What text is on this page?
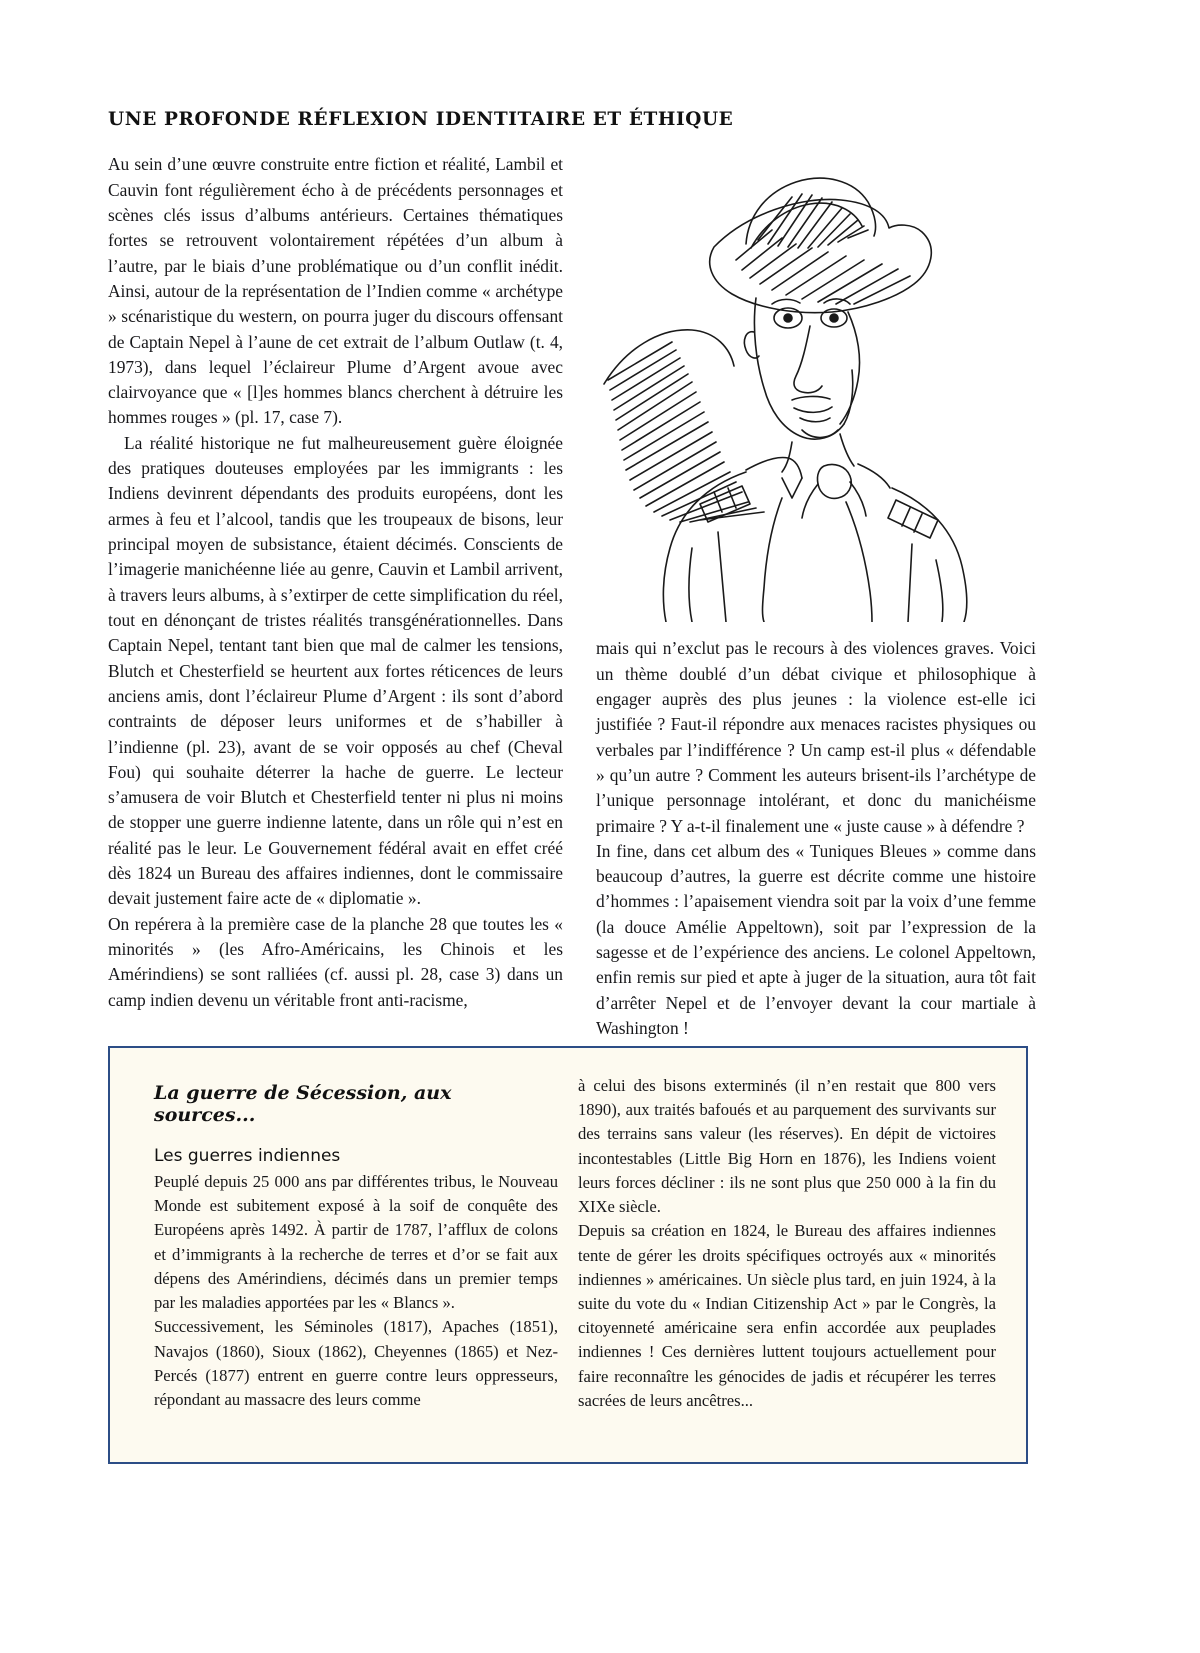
UNE PROFONDE RÉFLEXION IDENTITAIRE ET ÉTHIQUE

mais qui n’exclut pas le recours à des violences graves. Voici un thème doublé d’un débat civique et philosophique à engager auprès des plus jeunes : la violence est-elle ici justifiée ? Faut-il répondre aux menaces racistes physiques ou verbales par l’indifférence ? Un camp est-il plus « défendable » qu’un autre ? Comment les auteurs brisent-ils l’archétype de l’unique personnage intolérant, et donc du manichéisme primaire ? Y a-t-il finalement une « juste cause » à défendre ?

In fine, dans cet album des « Tuniques Bleues » comme dans beaucoup d’autres, la guerre est décrite comme une histoire d’hommes : l’apaisement viendra soit par la voix d’une femme (la douce Amélie Appeltown), soit par l’expression de la sagesse et de l’expérience des anciens. Le colonel Appeltown, enfin remis sur pied et apte à juger de la situation, aura tôt fait d’arrêter Nepel et de l’envoyer devant la cour martiale à Washington !

Au sein d’une œuvre construite entre fiction et réalité, Lambil et Cauvin font régulièrement écho à de précédents personnages et scènes clés issus d’albums antérieurs. Certaines thématiques fortes se retrouvent volontairement répétées d’un album à l’autre, par le biais d’une problématique ou d’un conflit inédit. Ainsi, autour de la représentation de l’Indien comme « archétype » scénaristique du western, on pourra juger du discours offensant de Captain Nepel à l’aune de cet extrait de l’album Outlaw (t. 4, 1973), dans lequel l’éclaireur Plume d’Argent avoue avec clairvoyance que « [l]es hommes blancs cherchent à détruire les hommes rouges » (pl. 17, case 7).

La réalité historique ne fut malheureusement guère éloignée des pratiques douteuses employées par les immigrants : les Indiens devinrent dépendants des produits européens, dont les armes à feu et l’alcool, tandis que les troupeaux de bisons, leur principal moyen de subsistance, étaient décimés. Conscients de l’imagerie manichéenne liée au genre, Cauvin et Lambil arrivent, à travers leurs albums, à s’extirper de cette simplification du réel, tout en dénonçant de tristes réalités transgénérationnelles. Dans Captain Nepel, tentant tant bien que mal de calmer les tensions, Blutch et Chesterfield se heurtent aux fortes réticences de leurs anciens amis, dont l’éclaireur Plume d’Argent : ils sont d’abord contraints de déposer leurs uniformes et de s’habiller à l’indienne (pl. 23), avant de se voir opposés au chef (Cheval Fou) qui souhaite déterrer la hache de guerre. Le lecteur s’amusera de voir Blutch et Chesterfield tenter ni plus ni moins de stopper une guerre indienne latente, dans un rôle qui n’est en réalité pas le leur. Le Gouvernement fédéral avait en effet créé dès 1824 un Bureau des affaires indiennes, dont le commissaire devait justement faire acte de « diplomatie ».

On repérera à la première case de la planche 28 que toutes les « minorités » (les Afro-Américains, les Chinois et les Amérindiens) se sont ralliées (cf. aussi pl. 28, case 3) dans un camp indien devenu un véritable front anti-racisme,

à celui des bisons exterminés (il n’en restait que 800 vers 1890), aux traités bafoués et au parquement des survivants sur des terrains sans valeur (les réserves). En dépit de victoires incontestables (Little Big Horn en 1876), les Indiens voient leurs forces décliner : ils ne sont plus que 250 000 à la fin du XIXe siècle.

Depuis sa création en 1824, le Bureau des affaires indiennes tente de gérer les droits spécifiques octroyés aux « minorités indiennes » américaines. Un siècle plus tard, en juin 1924, à la suite du vote du « Indian Citizenship Act » par le Congrès, la citoyenneté américaine sera enfin accordée aux peuplades indiennes ! Ces dernières luttent toujours actuellement pour faire reconnaître les génocides de jadis et récupérer les terres sacrées de leurs ancêtres...

La guerre de Sécession, aux sources...
Les guerres indiennes

Peuplé depuis 25 000 ans par différentes tribus, le Nouveau Monde est subitement exposé à la soif de conquête des Européens après 1492. À partir de 1787, l’afflux de colons et d’immigrants à la recherche de terres et d’or se fait aux dépens des Amérindiens, décimés dans un premier temps par les maladies apportées par les « Blancs ».

Successivement, les Séminoles (1817), Apaches (1851), Navajos (1860), Sioux (1862), Cheyennes (1865) et Nez-Percés (1877) entrent en guerre contre leurs oppresseurs, répondant au massacre des leurs comme
